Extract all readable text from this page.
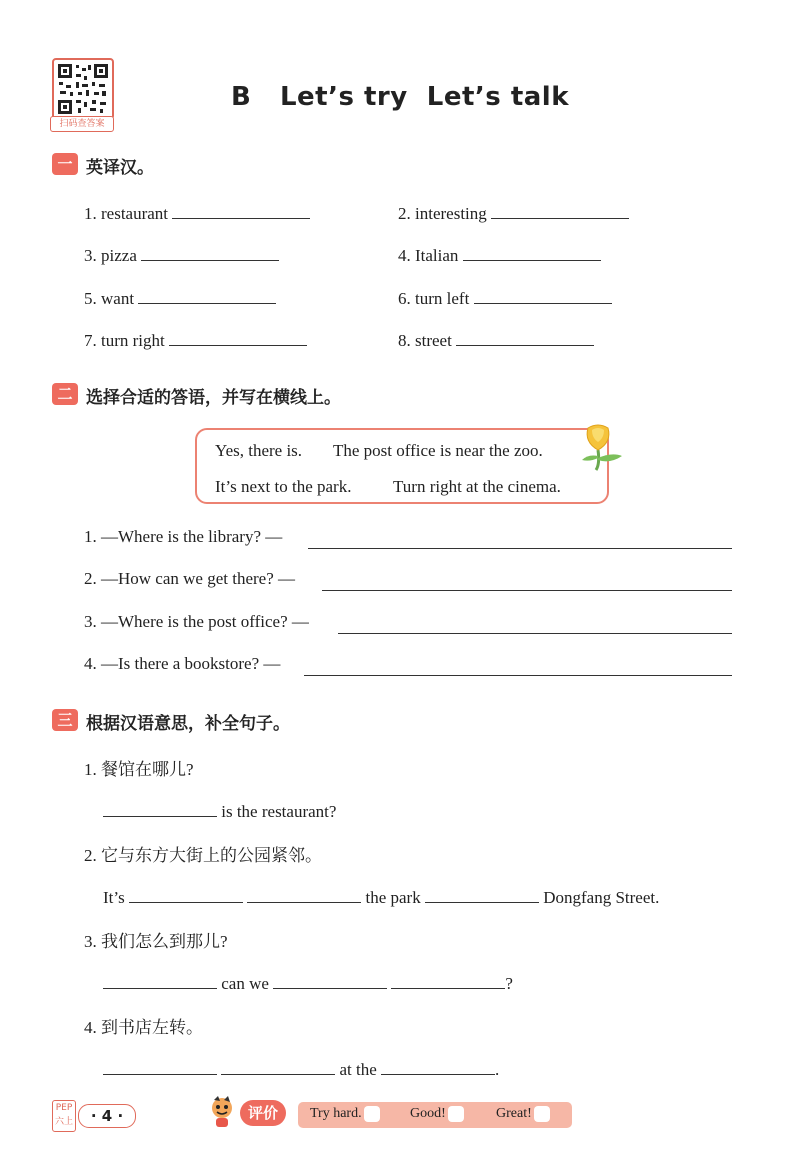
扫码查答案
B   Let’s try  Let’s talk
一 英译汉。
1. restaurant	2. interesting
3. pizza	4. Italian
5. want	6. turn left
7. turn right	8. street
二 选择合适的答语，并写在横线上。
Yes, there is. The post office is near the zoo.
It’s next to the park. Turn right at the cinema.
1. —Where is the library? —
2. —How can we get there? —
3. —Where is the post office? —
4. —Is there a bookstore? —
三 根据汉语意思，补全句子。
1. 餐馆在哪儿?
is the restaurant?
2. 它与东方大街上的公园紧邻。
It’s	the park	Dongfang Street.
3. 我们怎么到那儿?
can we	?
4. 到书店左转。
at the	.
PEP
六上	· 4 ·	评价	Try hard.	Good!	Great!
